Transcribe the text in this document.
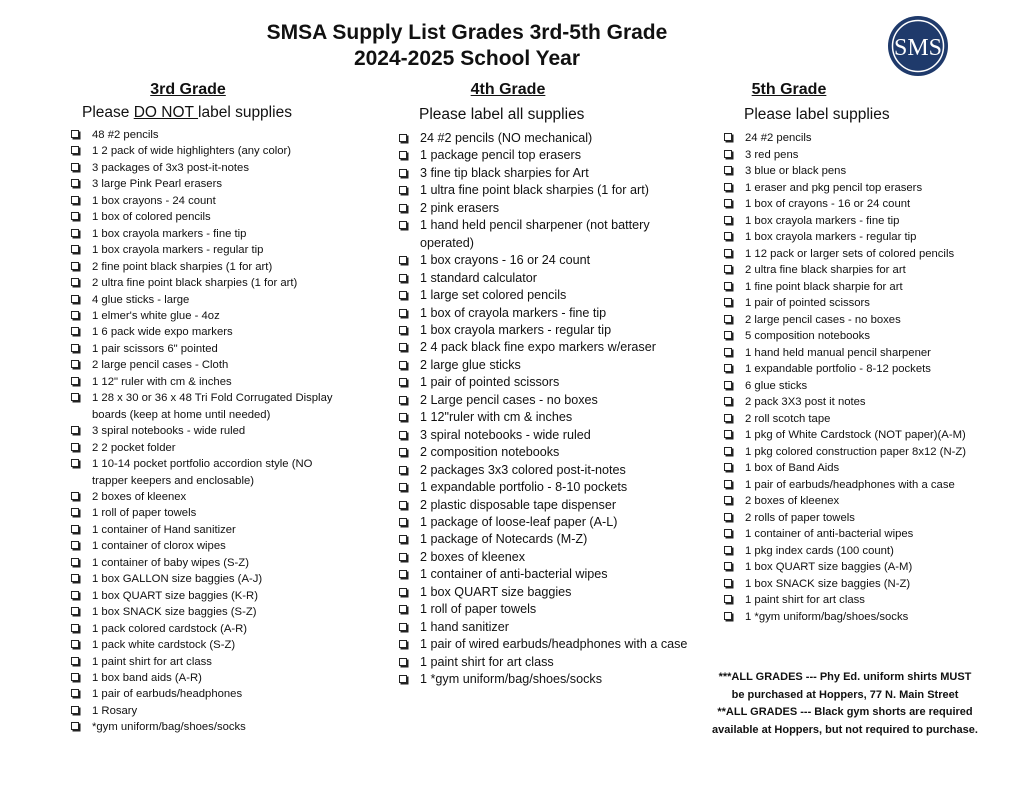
SMSA Supply List Grades 3rd-5th Grade
2024-2025 School Year	SMS
3rd Grade
Please DO NOT label supplies
48 #2 pencils
1 2 pack of wide highlighters (any color)
3 packages of 3x3 post-it-notes
3 large Pink Pearl erasers
1 box crayons - 24 count
1 box of colored pencils
1 box crayola markers - fine tip
1 box crayola markers - regular tip
2 fine point black sharpies (1 for art)
2 ultra fine point black sharpies (1 for art)
4 glue sticks - large
1 elmer's white glue - 4oz
1 6 pack wide expo markers
1 pair scissors 6" pointed
2 large pencil cases - Cloth
1 12" ruler with cm & inches
1 28 x 30 or 36 x 48 Tri Fold Corrugated Display boards (keep at home until needed)
3 spiral notebooks - wide ruled
2 2 pocket folder
1 10-14 pocket portfolio accordion style (NO trapper keepers and enclosable)
2 boxes of kleenex
1 roll of paper towels
1 container of Hand sanitizer
1 container of clorox wipes
1 container of baby wipes (S-Z)
1 box GALLON size baggies (A-J)
1 box QUART size baggies (K-R)
1 box SNACK size baggies (S-Z)
1 pack colored cardstock (A-R)
1 pack white cardstock (S-Z)
1 paint shirt for art class
1 box band aids (A-R)
1 pair of earbuds/headphones
1 Rosary
*gym uniform/bag/shoes/socks
4th Grade
Please label all supplies
24 #2 pencils (NO mechanical)
1 package pencil top erasers
3 fine tip black sharpies for Art
1 ultra fine point black sharpies (1 for art)
2 pink erasers
1 hand held pencil sharpener (not battery operated)
1 box crayons - 16 or 24 count
1 standard calculator
1 large set colored pencils
1 box of crayola markers - fine tip
1 box crayola markers - regular tip
2 4 pack black fine expo markers w/eraser
2 large glue sticks
1 pair of pointed scissors
2 Large pencil cases - no boxes
1 12"ruler with cm & inches
3 spiral notebooks - wide ruled
2 composition notebooks
2 packages 3x3 colored post-it-notes
1 expandable portfolio - 8-10 pockets
2 plastic disposable tape dispenser
1 package of loose-leaf paper (A-L)
1 package of Notecards (M-Z)
2 boxes of kleenex
1 container of anti-bacterial wipes
1 box QUART size baggies
1 roll of paper towels
1 hand sanitizer
1 pair of wired earbuds/headphones with a case
1 paint shirt for art class
1 *gym uniform/bag/shoes/socks
5th Grade
Please label supplies
24 #2 pencils
3 red pens
3 blue or black pens
1 eraser and pkg pencil top erasers
1 box of crayons - 16 or 24 count
1 box crayola markers - fine tip
1 box crayola markers - regular tip
1 12 pack or larger sets of colored pencils
2 ultra fine black sharpies for art
1 fine point black sharpie for art
1 pair of pointed scissors
2 large pencil cases - no boxes
5 composition notebooks
1 hand held manual pencil sharpener
1 expandable portfolio - 8-12 pockets
6 glue sticks
2 pack 3X3 post it notes
2 roll scotch tape
1 pkg of White Cardstock (NOT paper)(A-M)
1 pkg colored construction paper 8x12 (N-Z)
1 box of Band Aids
1 pair of earbuds/headphones with a case
2 boxes of kleenex
2 rolls of paper towels
1 container of anti-bacterial wipes
1 pkg index cards (100 count)
1 box QUART size baggies (A-M)
1 box SNACK size baggies (N-Z)
1 paint shirt for art class
1 *gym uniform/bag/shoes/socks
***ALL GRADES --- Phy Ed. uniform shirts MUST
be purchased at Hoppers, 77 N. Main Street
**ALL GRADES --- Black gym shorts are required
available at Hoppers, but not required to purchase.
